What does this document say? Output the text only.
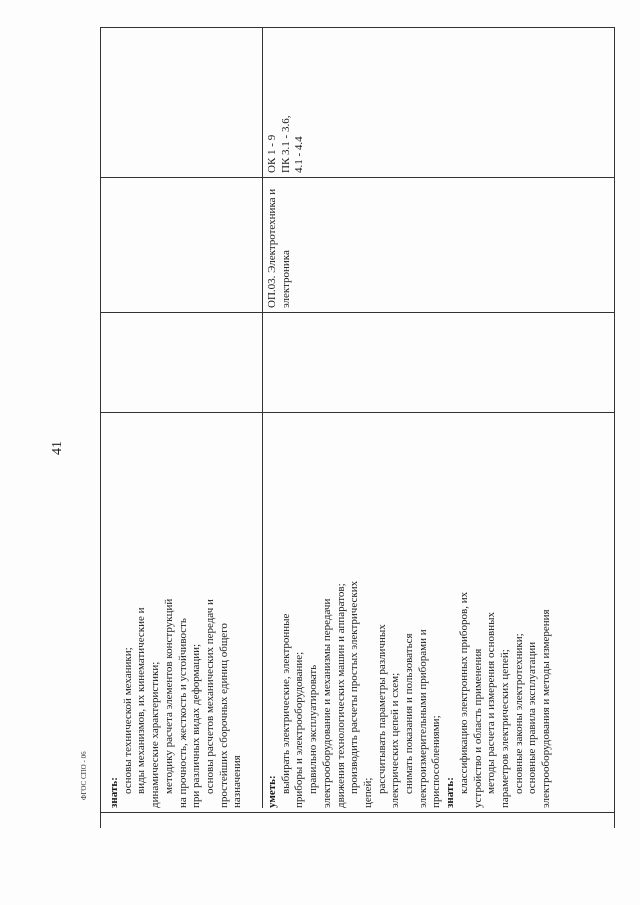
знать: основы технической механики; виды механизмов, их кинематические и динамические характеристики; методику расчета элементов конструкций на прочность, жесткость и устойчивость при различных видах деформации; основы расчетов механических передач и простейших сборочных единиц общего назначения уметь: выбирать электрические, электронные приборы и электрооборудование; правильно эксплуатировать электрооборудование и механизмы передачи движения технологических машин и аппаратов; производить расчеты простых электрических цепей; рассчитывать параметры различных электрических цепей и схем; снимать показания и пользоваться электроизмерительными приборами и приспособлениями; знать: классификацию электронных приборов, их устройство и область применения методы расчета и измерения основных параметров электрических цепей; основные законы электротехники; основные правила эксплуатации электрооборудования и методы измерения
ОП.03. Электротехника и электроника
ОК 1 - 9 ПК 3.1 - 3.6, 4.1 - 4.4
41
ФГОС СПО - 06
